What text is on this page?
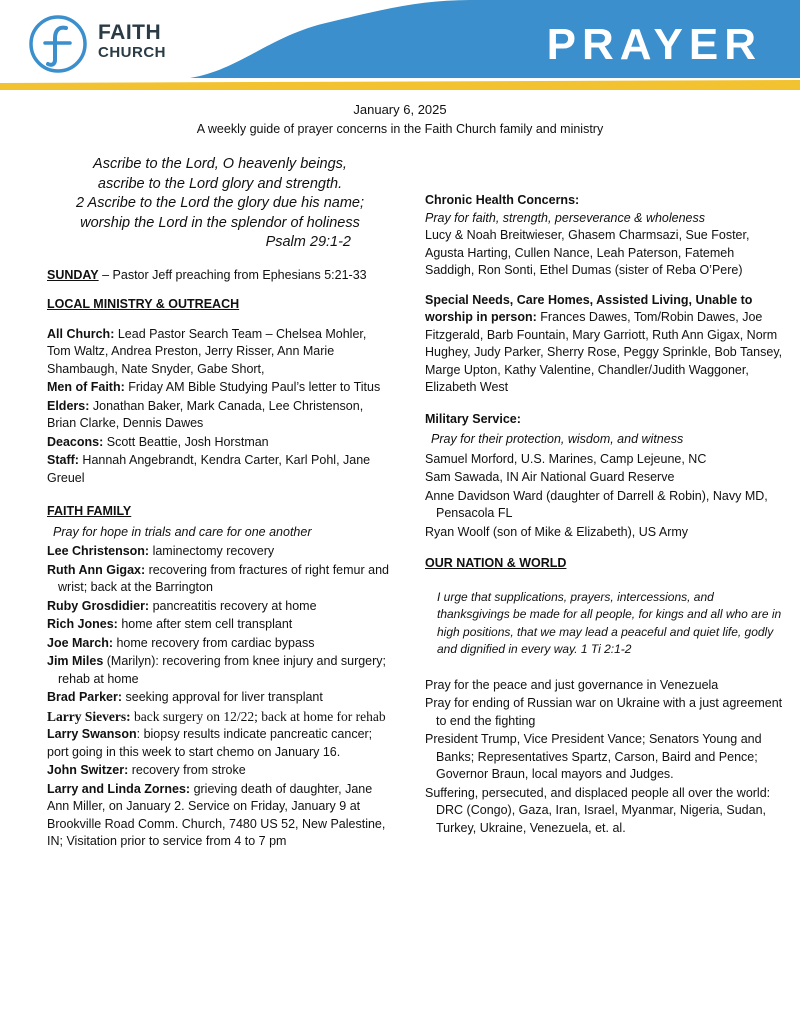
FAITH
CHURCH	PRAYER
January 6, 2025
A weekly guide of prayer concerns in the Faith Church family and ministry
Ascribe to the Lord, O heavenly beings,
ascribe to the Lord glory and strength.
2 Ascribe to the Lord the glory due his name;
worship the Lord in the splendor of holiness
Psalm 29:1-2
SUNDAY – Pastor Jeff preaching from Ephesians 5:21-33
LOCAL MINISTRY & OUTREACH
All Church: Lead Pastor Search Team – Chelsea Mohler, Tom Waltz, Andrea Preston, Jerry Risser, Ann Marie Shambaugh, Nate Snyder, Gabe Short,
Men of Faith: Friday AM Bible Studying Paul’s letter to Titus
Elders: Jonathan Baker, Mark Canada, Lee Christenson, Brian Clarke, Dennis Dawes
Deacons: Scott Beattie, Josh Horstman
Staff: Hannah Angebrandt, Kendra Carter, Karl Pohl, Jane Greuel
FAITH FAMILY
Pray for hope in trials and care for one another
Lee Christenson: laminectomy recovery
Ruth Ann Gigax: recovering from fractures of right femur and wrist; back at the Barrington
Ruby Grosdidier: pancreatitis recovery at home
Rich Jones: home after stem cell transplant
Joe March: home recovery from cardiac bypass
Jim Miles (Marilyn): recovering from knee injury and surgery; rehab at home
Brad Parker: seeking approval for liver transplant
Larry Sievers: back surgery on 12/22; back at home for rehab
Larry Swanson: biopsy results indicate pancreatic cancer; port going in this week to start chemo on January 16.
John Switzer: recovery from stroke
Larry and Linda Zornes: grieving death of daughter, Jane Ann Miller, on January 2. Service on Friday, January 9 at Brookville Road Comm. Church, 7480 US 52, New Palestine, IN; Visitation prior to service from 4 to 7 pm
Chronic Health Concerns:
Pray for faith, strength, perseverance & wholeness
Lucy & Noah Breitwieser, Ghasem Charmsazi, Sue Foster, Agusta Harting, Cullen Nance, Leah Paterson, Fatemeh Saddigh, Ron Sonti, Ethel Dumas (sister of Reba O’Pere)
Special Needs, Care Homes, Assisted Living, Unable to worship in person: Frances Dawes, Tom/Robin Dawes, Joe Fitzgerald, Barb Fountain, Mary Garriott, Ruth Ann Gigax, Norm Hughey, Judy Parker, Sherry Rose, Peggy Sprinkle, Bob Tansey, Marge Upton, Kathy Valentine, Chandler/Judith Waggoner, Elizabeth West
Military Service:
Pray for their protection, wisdom, and witness
Samuel Morford, U.S. Marines, Camp Lejeune, NC
Sam Sawada, IN Air National Guard Reserve
Anne Davidson Ward (daughter of Darrell & Robin), Navy MD, Pensacola FL
Ryan Woolf (son of Mike & Elizabeth), US Army
OUR NATION & WORLD
I urge that supplications, prayers, intercessions, and thanksgivings be made for all people, for kings and all who are in high positions, that we may lead a peaceful and quiet life, godly and dignified in every way. 1 Ti 2:1-2
Pray for the peace and just governance in Venezuela
Pray for ending of Russian war on Ukraine with a just agreement to end the fighting
President Trump, Vice President Vance; Senators Young and Banks; Representatives Spartz, Carson, Baird and Pence; Governor Braun, local mayors and Judges.
Suffering, persecuted, and displaced people all over the world: DRC (Congo), Gaza, Iran, Israel, Myanmar, Nigeria, Sudan, Turkey, Ukraine, Venezuela, et. al.
